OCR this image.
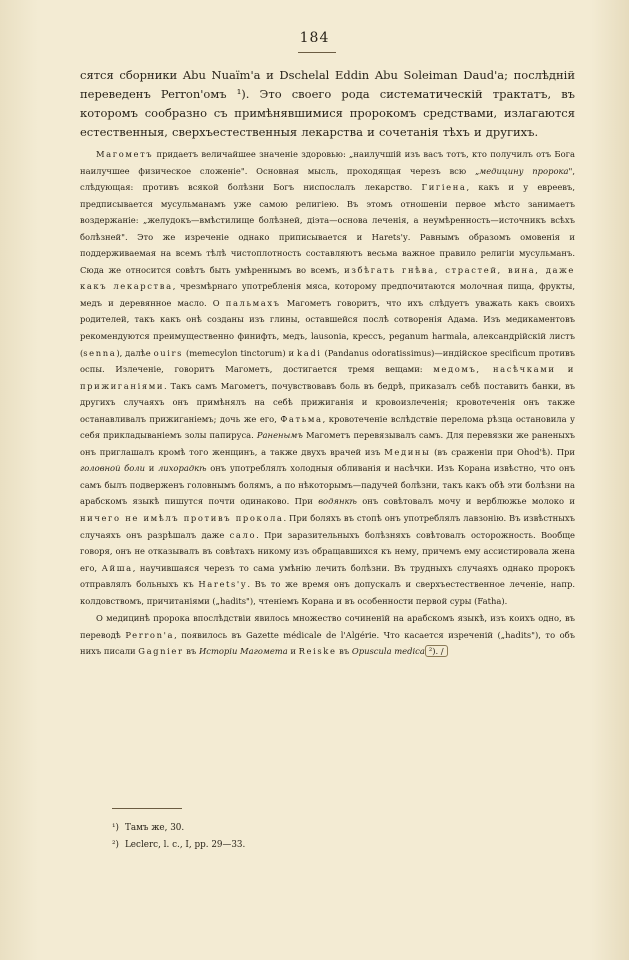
184

сятся сборники Abu Nuaïm'a и Dschelal Eddin Abu Soleiman Daud'a; послѣдній переведенъ Perron'омъ ¹). Это своего рода систематическій трактатъ, въ которомъ сообразно съ примѣнявшимися пророкомъ средствами, излагаются естественныя, сверхъестественныя лекарства и сочетанія тѣхъ и другихъ.

Магометъ придаетъ величайшее значеніе здоровью: „наилучшій изъ васъ тотъ, кто получилъ отъ Бога наилучшее физическое сложеніе". Основная мысль, проходящая черезъ всю „медицину пророка", слѣдующая: противъ всякой болѣзни Богъ ниспослалъ лекарство. Гигіена, какъ и у евреевъ, предписывается мусульманамъ уже самою религіею. Въ этомъ отношеніи первое мѣсто занимаетъ воздержаніе: „желудокъ—вмѣстилище болѣзней, діэта—основа леченія, а неумѣренность—источникъ всѣхъ болѣзней". Это же изреченіе однако приписывается и Harets'у. Равнымъ образомъ омовенія и поддерживаемая на всемъ тѣлѣ чистоплотность составляютъ весьма важное правило религіи мусульманъ. Сюда же относится совѣтъ быть умѣреннымъ во всемъ, избѣгать гнѣва, страстей, вина, даже какъ лекарства, чрезмѣрнаго употребленія мяса, которому предпочитаются молочная пища, фрукты, медъ и деревянное масло. О пальмахъ Магометъ говоритъ, что ихъ слѣдуетъ уважать какъ своихъ родителей, такъ какъ онѣ созданы изъ глины, оставшейся послѣ сотворенія Адама. Изъ медикаментовъ рекомендуются преимущественно финифть, медъ, lausonia, крессъ, peganum harmala, александрійскій листъ (senna), далѣе ouirs (memecylon tinctorum) и kadi (Pandanus odoratissimus)—индійское specificum противъ оспы. Излеченіе, говоритъ Магометъ, достигается тремя вещами: медомъ, насѣчками и прижиганіями. Такъ самъ Магометъ, почувствовавъ боль въ бедрѣ, приказалъ себѣ поставить банки, въ другихъ случаяхъ онъ примѣнялъ на себѣ прижиганія и кровоизлеченія; кровотеченія онъ также останавливалъ прижиганіемъ; дочь же его, Фатьма, кровотеченіе вслѣдствіе перелома рѣзца остановила у себя прикладываніемъ золы папируса. Раненымъ Магометъ перевязывалъ самъ. Для перевязки же раненыхъ онъ приглашалъ кромѣ того женщинъ, а также двухъ врачей изъ Медины (въ сраженіи при Ohod'ѣ). При головной боли и лихорадкѣ онъ употреблялъ холодныя обливанія и насѣчки. Изъ Корана извѣстно, что онъ самъ былъ подверженъ головнымъ болямъ, а по нѣкоторымъ—падучей болѣзни, такъ какъ обѣ эти болѣзни на арабскомъ языкѣ пишутся почти одинаково. При водянкѣ онъ совѣтовалъ мочу и верблюжье молоко и ничего не имѣлъ противъ прокола. При боляхъ въ стопѣ онъ употреблялъ лавзонію. Въ извѣстныхъ случаяхъ онъ разрѣшалъ даже сало. При заразительныхъ болѣзняхъ совѣтовалъ осторожность. Вообще говоря, онъ не отказывалъ въ совѣтахъ никому изъ обращавшихся къ нему, причемъ ему ассистировала жена его, Айша, научившаяся черезъ то сама умѣнію лечить болѣзни. Въ трудныхъ случаяхъ однако пророкъ отправлялъ больныхъ къ Harets'у. Въ то же время онъ допускалъ и сверхъестественное леченіе, напр. колдовствомъ, причитаніями („hadits"), чтеніемъ Корана и въ особенности первой суры (Fatha).

О медицинѣ пророка впослѣдствіи явилось множество сочиненій на арабскомъ языкѣ, изъ коихъ одно, въ переводѣ Perron'a, появилось въ Gazette médicale de l'Algérie. Что касается изреченій („hadits"), то объ нихъ писали Gagnier въ Исторіи Магомета и Reiske въ Opuscula medica ²). /

¹) Тамъ же, 30.
²) Leclerc, l. c., I, pp. 29—33.
